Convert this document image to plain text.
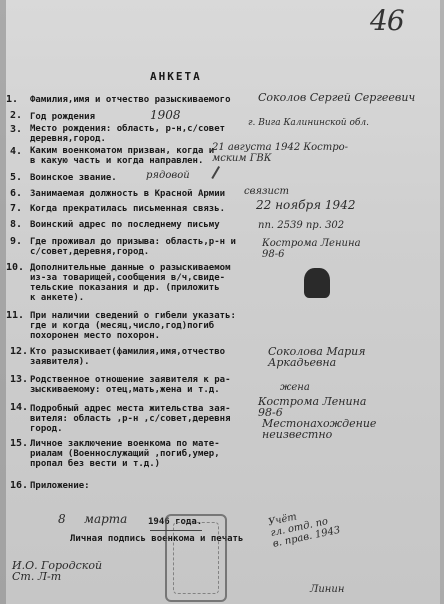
46
АНКЕТА
1. Фамилия,имя и отчество разыскиваемого
2. Год рождения
3. Место рождения: область, р-н,с/совет
деревня,город.
4. Каким военкоматом призван, когда и
в какую часть и когда направлен.
5. Воинское звание.
6. Занимаемая должность в Красной Армии
7. Когда прекратилась письменная связь.
8. Воинский адрес по последнему письму
9. Где проживал до призыва: область,р-н и
с/совет,деревня,город.
10. Дополнительные данные о разыскиваемом
из-за товарищей,сообщения в/ч,свиде-
тельские показания и др. (приложить
к анкете).
11. При наличии сведений о гибели указать:
где и когда (месяц,число,год)погиб
похоронен место похорон.
12. Кто разыскивает(фамилия,имя,отчество
заявителя).
13. Родственное отношение заявителя к ра-
зыскиваемому: отец,мать,жена и т.д.
14. Подробный адрес места жительства зая-
вителя: область ,р-н ,с/совет,деревня
город.
15. Личное заключение военкома по мате-
риалам (Военнослужащий ,погиб,умер,
пропал без вести и т.д.)
16. Приложение:
8 марта 1946 года.
Личная подпись военкома и печать
Соколов Сергей Сергеевич
1908
г. Вига Калининской обл.
21 августа 1942 Костро-
мским ГВК
рядовой
связист
22 ноября 1942
пп. 2539 пр. 302
Кострома Ленина
98-6
Соколова Мария
Аркадьевна
жена
Кострома Ленина
98-6
Местонахождение
неизвестно
Учёт
гл. отд. по
в. прав. 1943
И.О. Городской
Ст. Л-т
Линин
